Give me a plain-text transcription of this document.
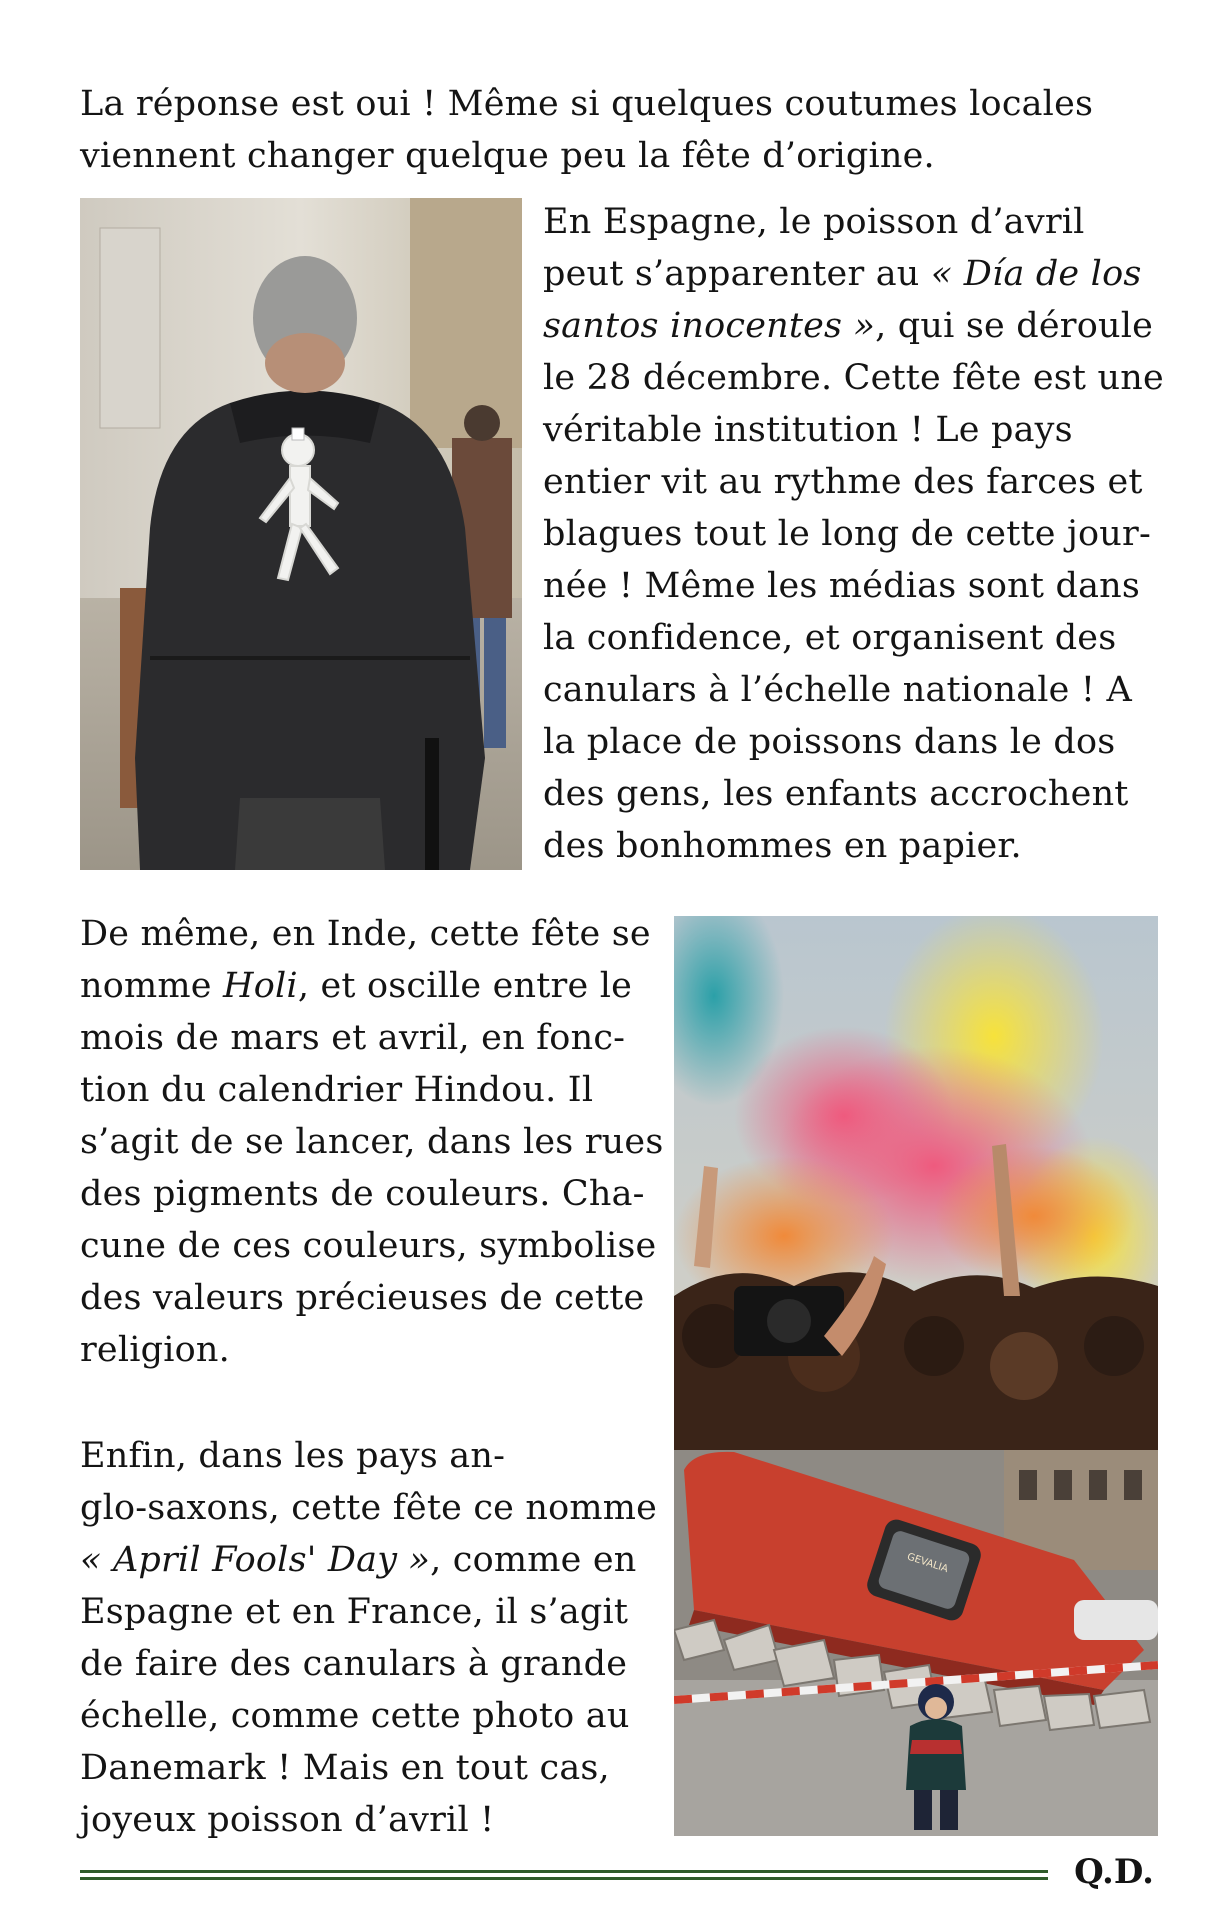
La réponse est oui ! Même si quelques coutumes locales
viennent changer quelque peu la fête d’origine.
En Espagne, le poisson d’avril
peut s’apparenter au « Día de los
santos inocentes », qui se déroule
le 28 décembre. Cette fête est une
véritable institution ! Le pays
entier vit au rythme des farces et
blagues tout le long de cette jour-
née ! Même les médias sont dans
la confidence, et organisent des
canulars à l’échelle nationale ! A
la place de poissons dans le dos
des gens, les enfants accrochent
des bonhommes en papier.
De même, en Inde, cette fête se
nomme Holi, et oscille entre le
mois de mars et avril, en fonc-
tion du calendrier Hindou. Il
s’agit de se lancer, dans les rues
des pigments de couleurs. Cha-
cune de ces couleurs, symbolise
des valeurs précieuses de cette
religion.
GEVALIA
Enfin, dans les pays an-
glo-saxons, cette fête ce nomme
« April Fools' Day », comme en
Espagne et en France, il s’agit
de faire des canulars à grande
échelle, comme cette photo au
Danemark ! Mais en tout cas,
joyeux poisson d’avril !
Q.D.
